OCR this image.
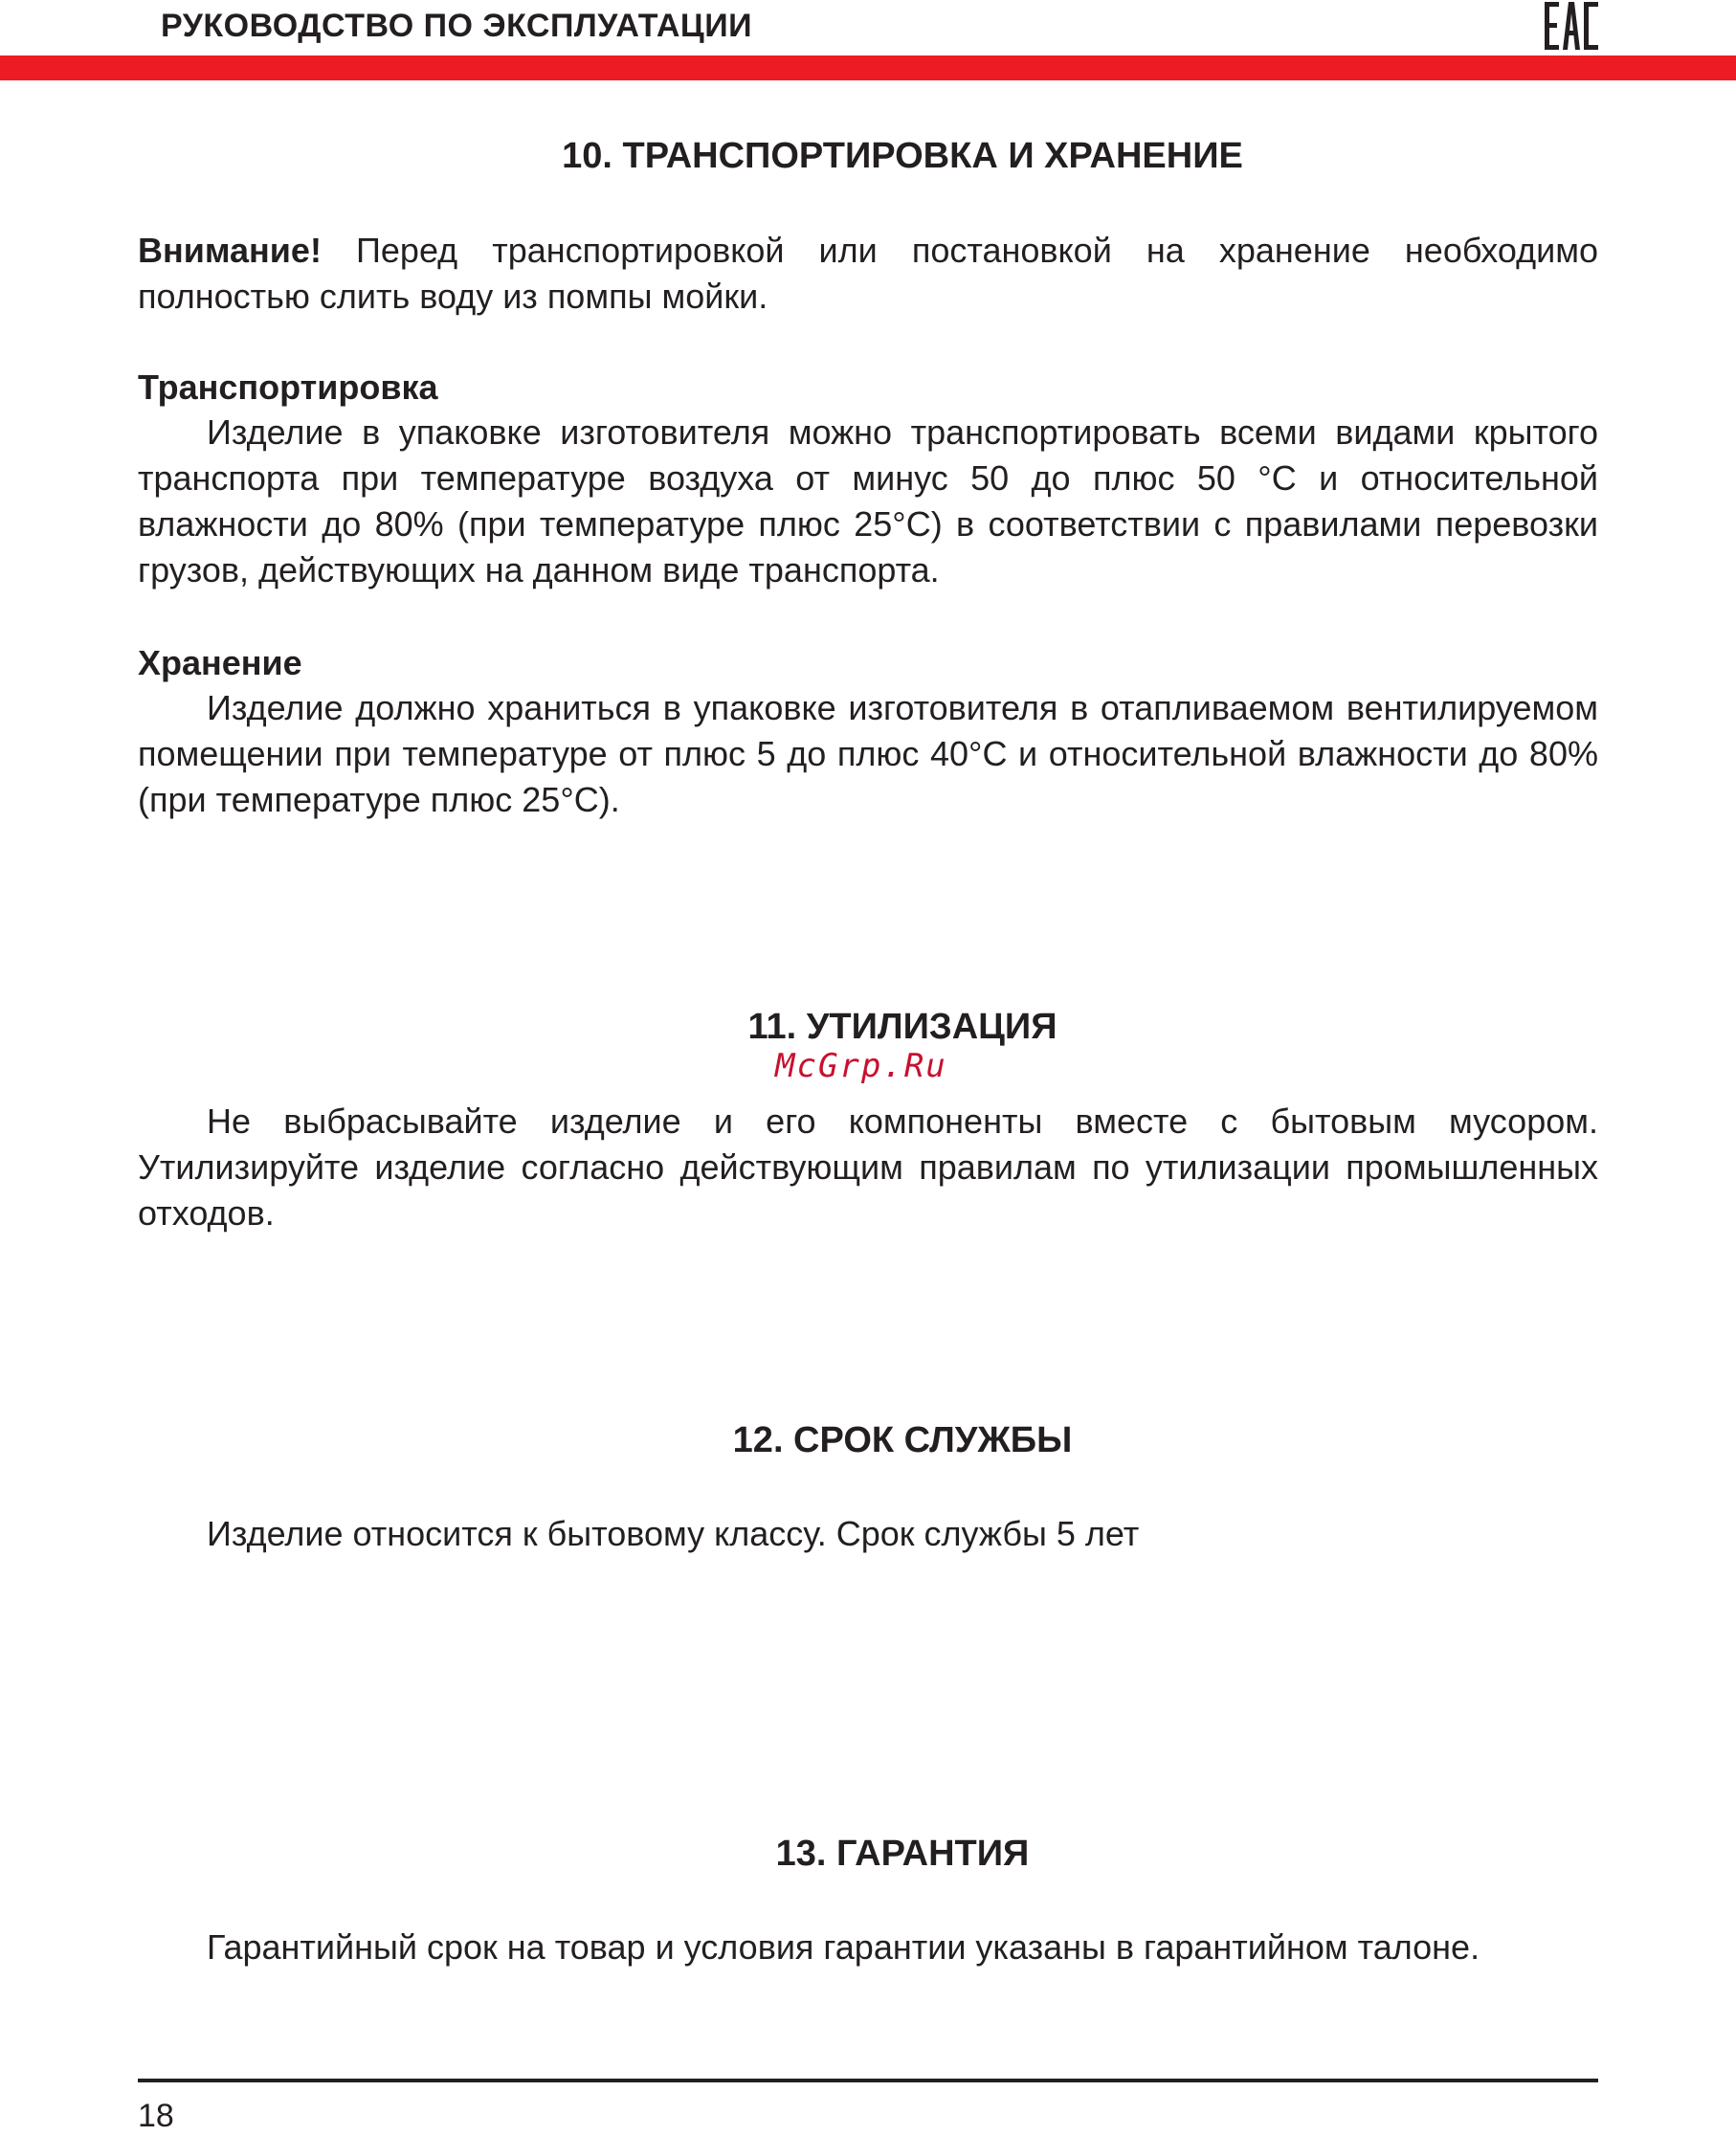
РУКОВОДСТВО ПО ЭКСПЛУАТАЦИИ
10. ТРАНСПОРТИРОВКА И ХРАНЕНИЕ
Внимание! Перед транспортировкой или постановкой на хранение необходимо полностью слить воду из помпы мойки.
Транспортировка
Изделие в упаковке изготовителя можно транспортировать всеми видами крытого транспорта при температуре воздуха от минус 50 до плюс 50 °С и относительной влажности до 80% (при температуре плюс 25°С) в соответствии с правилами перевозки грузов, действующих на данном виде транспорта.
Хранение
Изделие должно храниться в упаковке изготовителя в отапливаемом вентилируемом помещении при температуре от плюс 5 до плюс 40°С и относительной влажности до 80% (при температуре плюс 25°С).
11. УТИЛИЗАЦИЯ
McGrp.Ru
Не выбрасывайте изделие и его компоненты вместе с бытовым мусором. Утилизируйте изделие согласно действующим правилам по утилизации промышленных отходов.
12. СРОК СЛУЖБЫ
Изделие относится к бытовому классу. Срок службы 5 лет
13. ГАРАНТИЯ
Гарантийный срок на товар и условия гарантии указаны в гарантийном талоне.
18
